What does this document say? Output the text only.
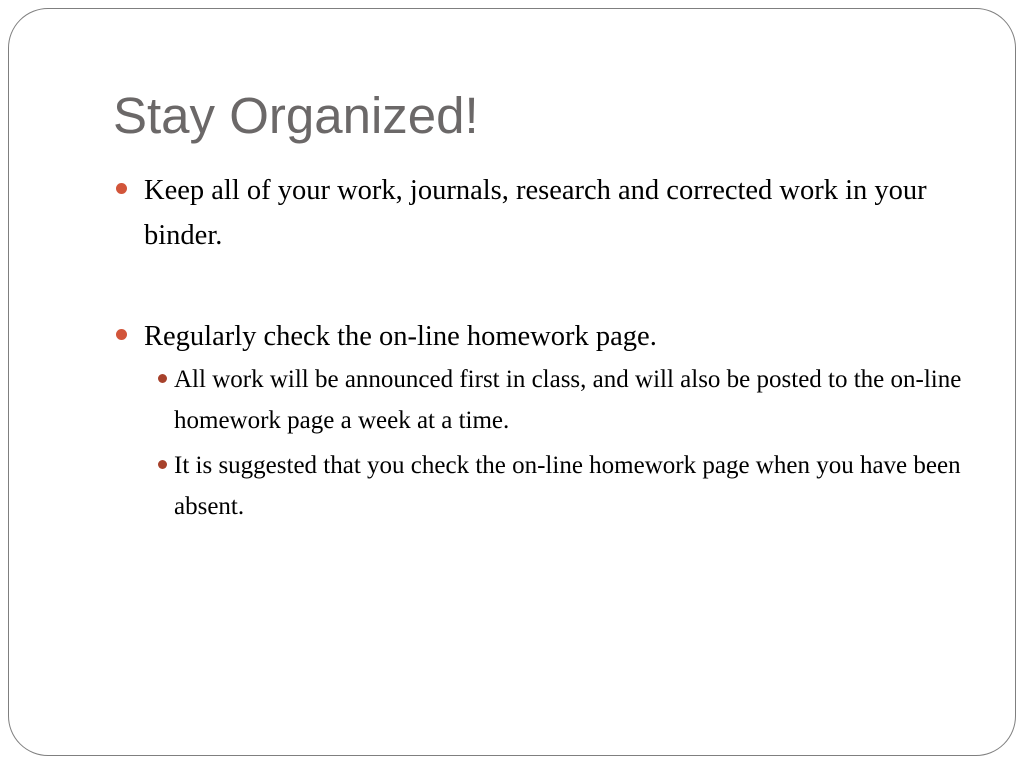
Stay Organized!
Keep all of your work, journals, research and corrected work in your binder.
Regularly check the on-line homework page.
All work will be announced first in class, and will also be posted to the on-line homework page a week at a time.
It is suggested that you check the on-line homework page when you have been absent.
